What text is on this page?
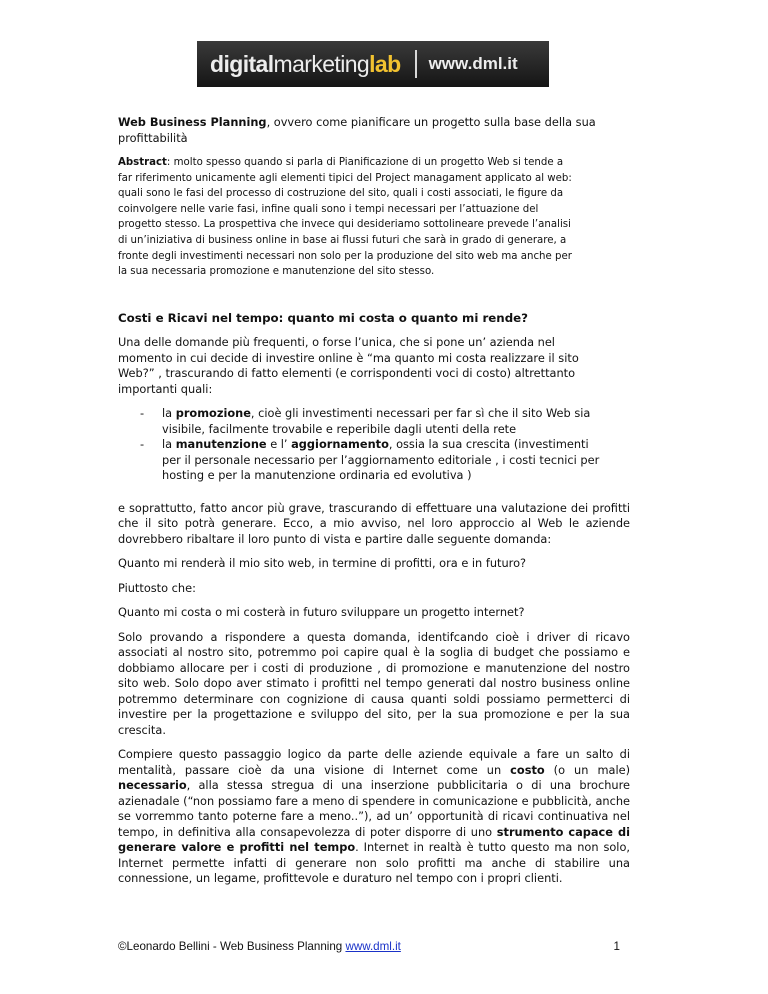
digital marketing lab www.dml.it

Web Business Planning, ovvero come pianificare un progetto sulla base della sua

profittabilità

Abstract: molto spesso quando si parla di Pianificazione di un progetto Web si tende a

far riferimento unicamente agli elementi tipici del Project managament applicato al web:

quali sono le fasi del processo di costruzione del sito, quali i costi associati, le figure da

coinvolgere nelle varie fasi, infine quali sono i tempi necessari per l’attuazione del

progetto stesso. La prospettiva che invece qui desideriamo sottolineare prevede l’analisi

di un’iniziativa di business online in base ai flussi futuri che sarà in grado di generare, a

fronte degli investimenti necessari non solo per la produzione del sito web ma anche per

la sua necessaria promozione e manutenzione del sito stesso.

Costi e Ricavi nel tempo: quanto mi costa o quanto mi rende?

Una delle domande più frequenti, o forse l’unica, che si pone un’ azienda nel

momento in cui decide di investire online è “ma quanto mi costa realizzare il sito

Web?” , trascurando di fatto elementi (e corrispondenti voci di costo) altrettanto

importanti quali:

- la promozione, cioè gli investimenti necessari per far sì che il sito Web sia

visibile, facilmente trovabile e reperibile dagli utenti della rete

- la manutenzione e l’ aggiornamento, ossia la sua crescita (investimenti

per il personale necessario per l’aggiornamento editoriale , i costi tecnici per

hosting e per la manutenzione ordinaria ed evolutiva )

e soprattutto, fatto ancor più grave, trascurando di effettuare una valutazione dei profitti che il sito potrà generare. Ecco, a mio avviso, nel loro approccio al Web le aziende dovrebbero ribaltare il loro punto di vista e partire dalle seguente domanda:

Quanto mi renderà il mio sito web, in termine di profitti, ora e in futuro?

Piuttosto che:

Quanto mi costa o mi costerà in futuro sviluppare un progetto internet?

Solo provando a rispondere a questa domanda, identifcando cioè i driver di ricavo associati al nostro sito, potremmo poi capire qual è la soglia di budget che possiamo e dobbiamo allocare per i costi di produzione , di promozione e manutenzione del nostro sito web. Solo dopo aver stimato i profitti nel tempo generati dal nostro business online potremmo determinare con cognizione di causa quanti soldi possiamo permetterci di investire per la progettazione e sviluppo del sito, per la sua promozione e per la sua crescita.

Compiere questo passaggio logico da parte delle aziende equivale a fare un salto di mentalità, passare cioè da una visione di Internet come un costo (o un male) necessario, alla stessa stregua di una inserzione pubblicitaria o di una brochure azienadale (“non possiamo fare a meno di spendere in comunicazione e pubblicità, anche se vorremmo tanto poterne fare a meno..”), ad un’ opportunità di ricavi continuativa nel tempo, in definitiva alla consapevolezza di poter disporre di uno strumento capace di generare valore e profitti nel tempo. Internet in realtà è tutto questo ma non solo, Internet permette infatti di generare non solo profitti ma anche di stabilire una connessione, un legame, profittevole e duraturo nel tempo con i propri clienti.

©Leonardo Bellini - Web Business Planning www.dml.it	1
